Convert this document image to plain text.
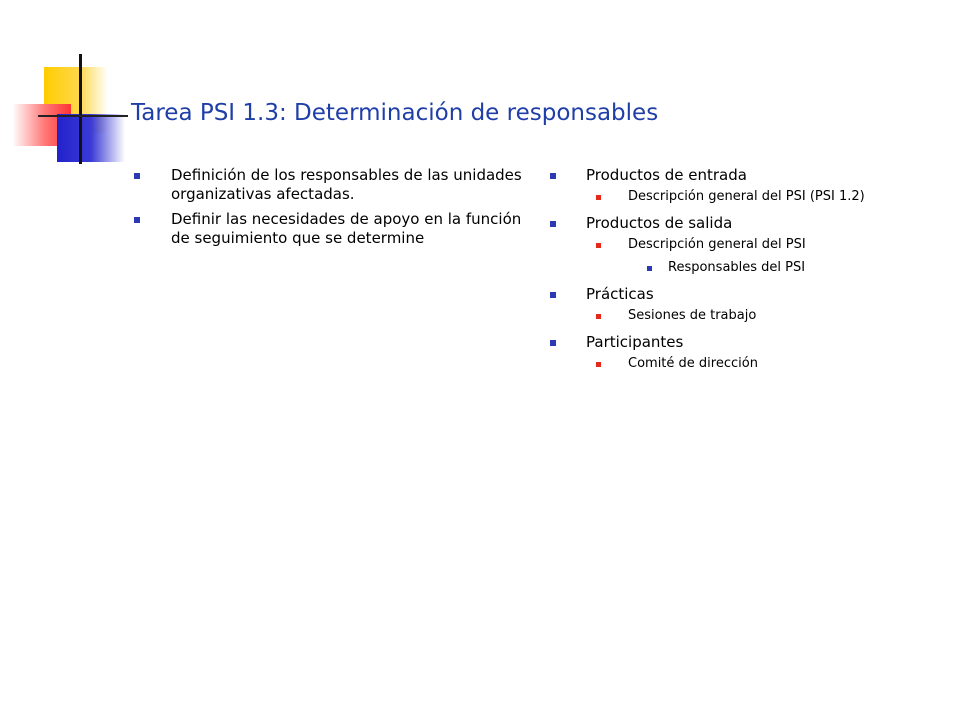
Tarea PSI 1.3: Determinación de responsables
Definición de los responsables de las unidades organizativas afectadas.
Definir las necesidades de apoyo en la función de seguimiento que se determine
Productos de entrada
Descripción general del PSI (PSI 1.2)
Productos de salida
Descripción general del PSI
Responsables del PSI
Prácticas
Sesiones de trabajo
Participantes
Comité de dirección
